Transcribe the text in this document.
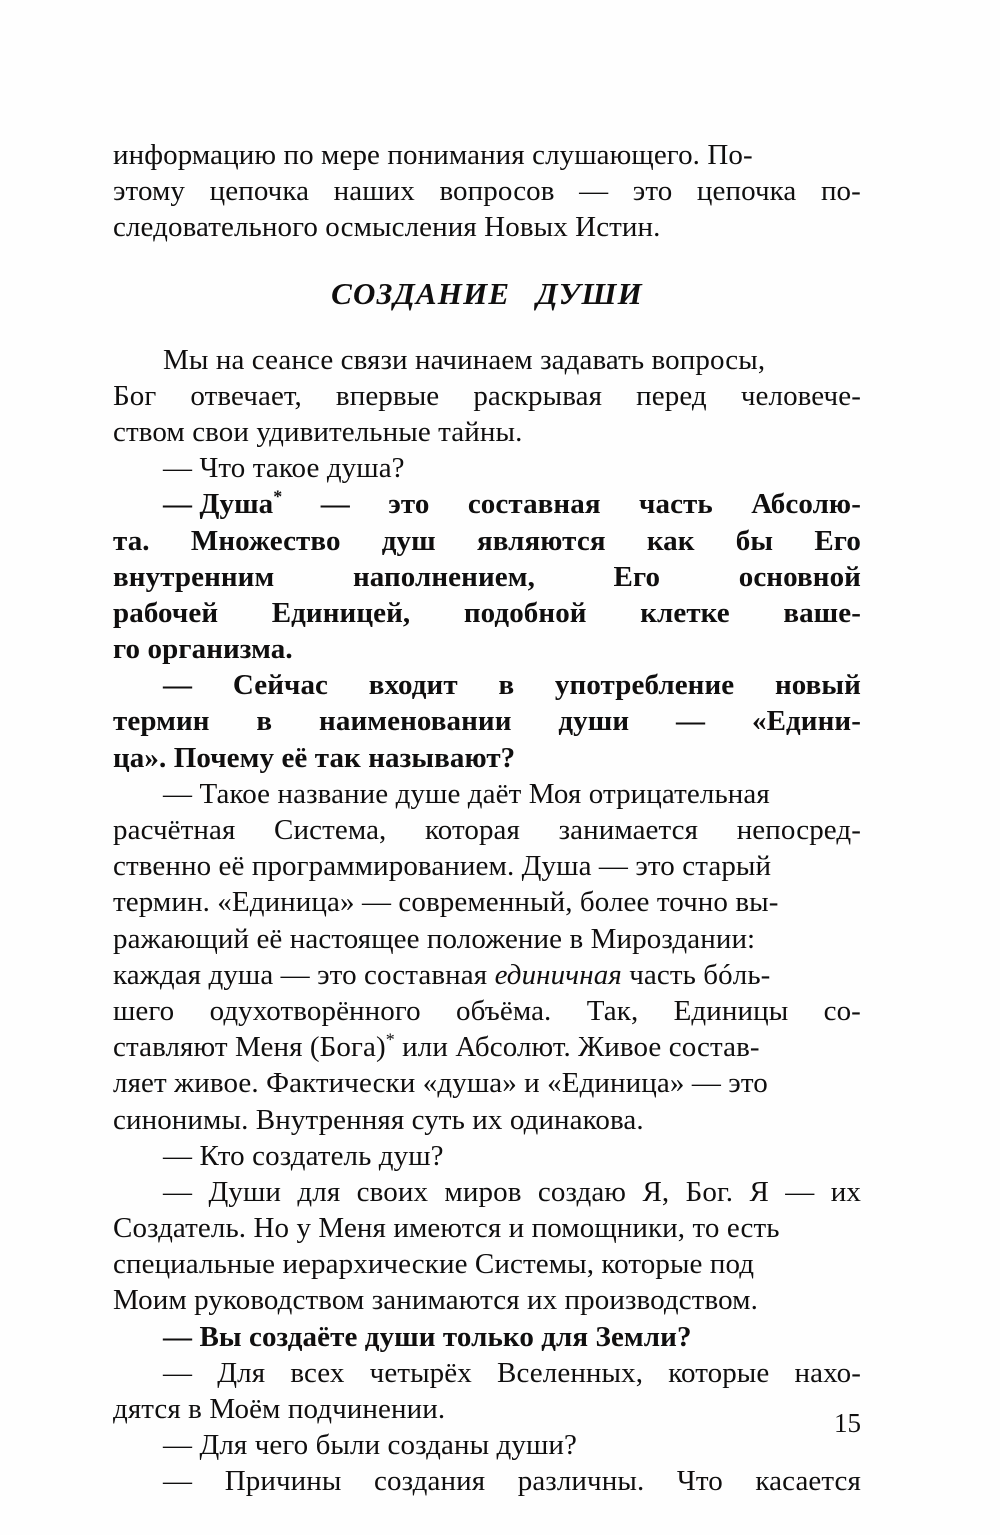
информацию по мере понимания слушающего. По-
этому цепочка наших вопросов — это цепочка по-
следовательного осмысления Новых Истин.
СОЗДАНИЕ ДУШИ
Мы на сеансе связи начинаем задавать вопросы,
Бог отвечает, впервые раскрывая перед человече-
ством свои удивительные тайны.
— Что такое душа?
— Душа* — это составная часть Абсолю-
та. Множество душ являются как бы Его
внутренним	наполнением,	Его	основной
рабочей Единицей, подобной клетке ваше-
го организма.
— Сейчас входит в употребление новый
термин в наименовании души — «Едини-
ца». Почему её так называют?
— Такое название душе даёт Моя отрицательная
расчётная Система, которая занимается непосред-
ственно её программированием. Душа — это старый
термин. «Единица» — современный, более точно вы-
ражающий её настоящее положение в Мироздании:
каждая душа — это составная единичная часть бóль-
шего одухотворённого объёма. Так, Единицы со-
ставляют Меня (Бога)* или Абсолют. Живое состав-
ляет живое. Фактически «душа» и «Единица» — это
синонимы. Внутренняя суть их одинакова.
— Кто создатель душ?
— Души для своих миров создаю Я, Бог. Я — их
Создатель. Но у Меня имеются и помощники, то есть
специальные иерархические Системы, которые под
Моим руководством занимаются их производством.
— Вы создаёте души только для Земли?
— Для всех четырёх Вселенных, которые нахо-
дятся в Моём подчинении.
— Для чего были созданы души?
— Причины создания различны. Что касается
15
